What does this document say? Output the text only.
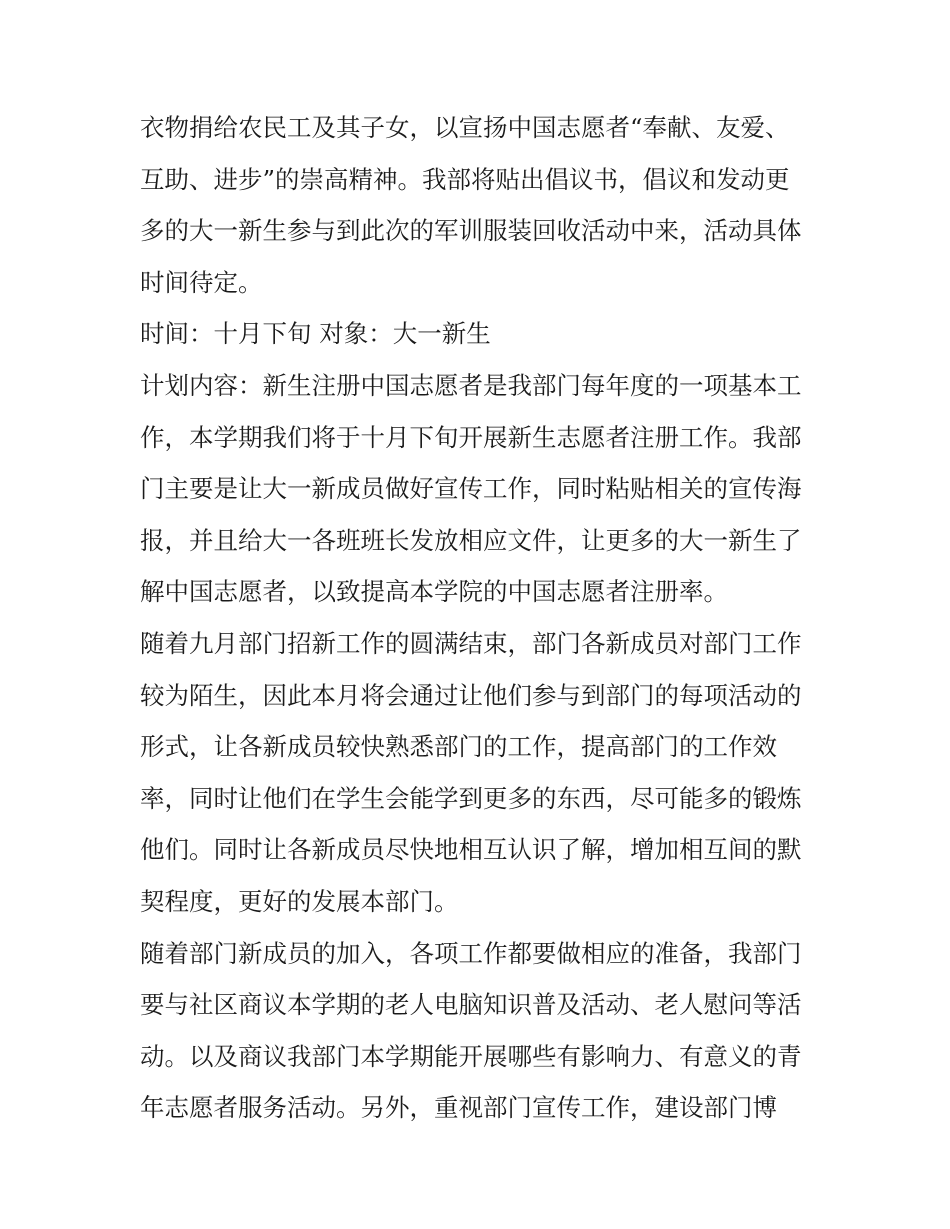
衣物捐给农民工及其子女，以宣扬中国志愿者“奉献、友爱、
互助、进步”的崇高精神。我部将贴出倡议书，倡议和发动更
多的大一新生参与到此次的军训服装回收活动中来，活动具体
时间待定。
时间：十月下旬 对象：大一新生
计划内容：新生注册中国志愿者是我部门每年度的一项基本工
作，本学期我们将于十月下旬开展新生志愿者注册工作。我部
门主要是让大一新成员做好宣传工作，同时粘贴相关的宣传海
报，并且给大一各班班长发放相应文件，让更多的大一新生了
解中国志愿者，以致提高本学院的中国志愿者注册率。
随着九月部门招新工作的圆满结束，部门各新成员对部门工作
较为陌生，因此本月将会通过让他们参与到部门的每项活动的
形式，让各新成员较快熟悉部门的工作，提高部门的工作效
率，同时让他们在学生会能学到更多的东西，尽可能多的锻炼
他们。同时让各新成员尽快地相互认识了解，增加相互间的默
契程度，更好的发展本部门。
随着部门新成员的加入，各项工作都要做相应的准备，我部门
要与社区商议本学期的老人电脑知识普及活动、老人慰问等活
动。以及商议我部门本学期能开展哪些有影响力、有意义的青
年志愿者服务活动。另外，重视部门宣传工作，建设部门博
